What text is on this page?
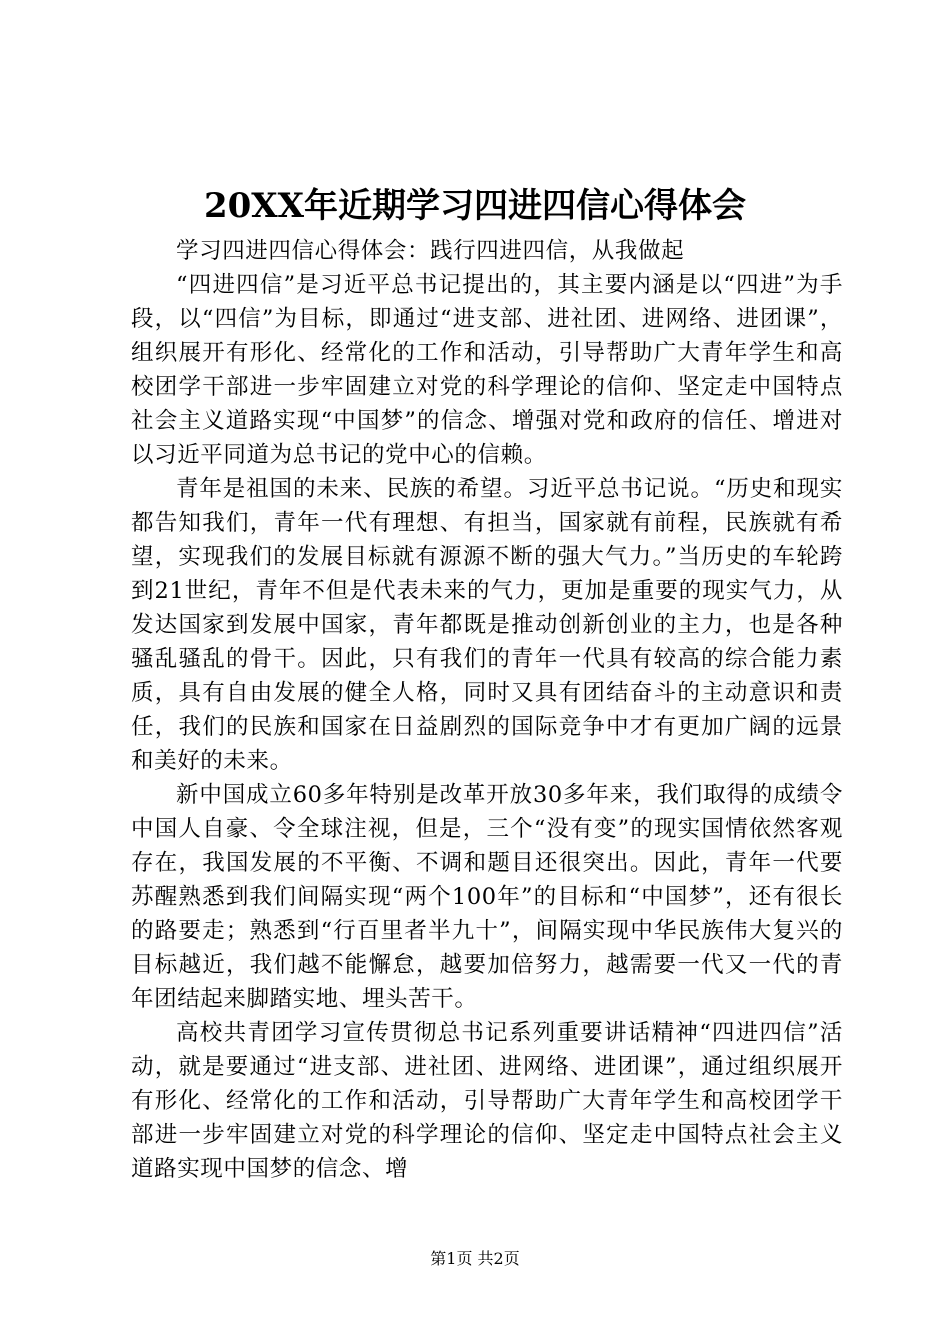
20XX年近期学习四进四信心得体会

学习四进四信心得体会：践行四进四信，从我做起

“四进四信”是习近平总书记提出的，其主要内涵是以“四进”为手段，以“四信”为目标，即通过“进支部、进社团、进网络、进团课”，组织展开有形化、经常化的工作和活动，引导帮助广大青年学生和高校团学干部进一步牢固建立对党的科学理论的信仰、坚定走中国特点社会主义道路实现“中国梦”的信念、增强对党和政府的信任、增进对以习近平同道为总书记的党中心的信赖。

青年是祖国的未来、民族的希望。习近平总书记说。“历史和现实都告知我们，青年一代有理想、有担当，国家就有前程，民族就有希望，实现我们的发展目标就有源源不断的强大气力。”当历史的车轮跨到21世纪，青年不但是代表未来的气力，更加是重要的现实气力，从发达国家到发展中国家，青年都既是推动创新创业的主力，也是各种骚乱骚乱的骨干。因此，只有我们的青年一代具有较高的综合能力素质，具有自由发展的健全人格，同时又具有团结奋斗的主动意识和责任，我们的民族和国家在日益剧烈的国际竞争中才有更加广阔的远景和美好的未来。

新中国成立60多年特别是改革开放30多年来，我们取得的成绩令中国人自豪、令全球注视，但是，三个“没有变”的现实国情依然客观存在，我国发展的不平衡、不调和题目还很突出。因此，青年一代要苏醒熟悉到我们间隔实现“两个100年”的目标和“中国梦”，还有很长的路要走；熟悉到“行百里者半九十”，间隔实现中华民族伟大复兴的目标越近，我们越不能懈怠，越要加倍努力，越需要一代又一代的青年团结起来脚踏实地、埋头苦干。

高校共青团学习宣传贯彻总书记系列重要讲话精神“四进四信”活动，就是要通过“进支部、进社团、进网络、进团课”，通过组织展开有形化、经常化的工作和活动，引导帮助广大青年学生和高校团学干部进一步牢固建立对党的科学理论的信仰、坚定走中国特点社会主义道路实现中国梦的信念、增

第1页 共2页
